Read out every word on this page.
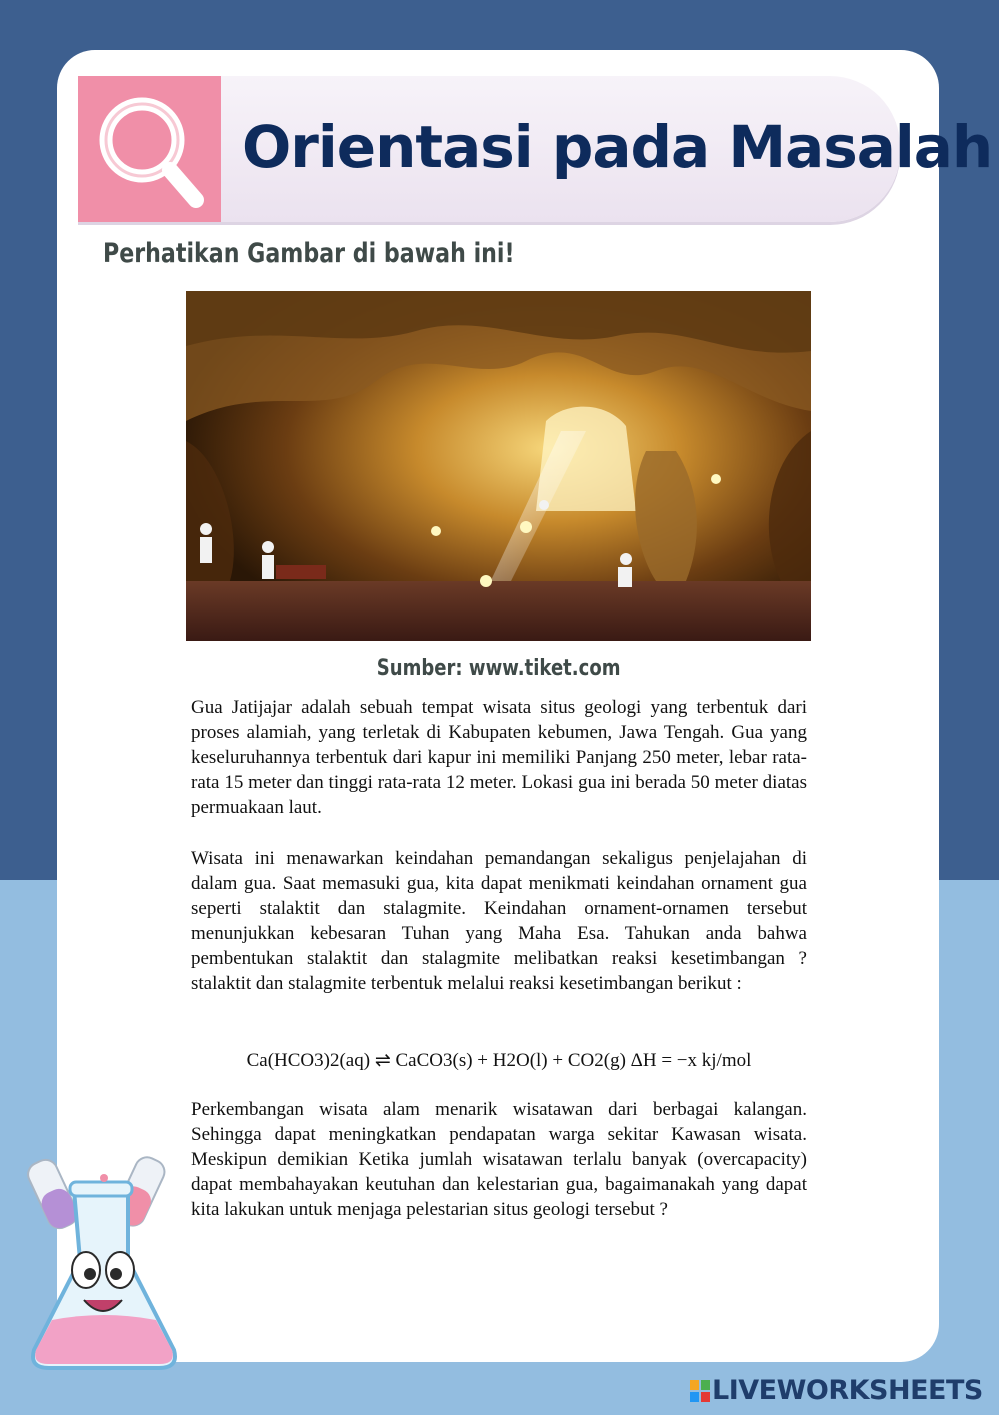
Orientasi pada Masalah
Perhatikan Gambar di bawah ini!
Sumber: www.tiket.com
Gua Jatijajar adalah sebuah tempat wisata situs geologi yang terbentuk dari proses alamiah, yang terletak di Kabupaten kebumen, Jawa Tengah. Gua yang keseluruhannya terbentuk dari kapur ini memiliki Panjang 250 meter, lebar rata-rata 15 meter dan tinggi rata-rata 12 meter. Lokasi gua ini berada 50 meter diatas permuakaan laut.
Wisata ini menawarkan keindahan pemandangan sekaligus penjelajahan di dalam gua. Saat memasuki gua, kita dapat menikmati keindahan ornament gua seperti stalaktit dan stalagmite. Keindahan ornament-ornamen tersebut menunjukkan kebesaran Tuhan yang Maha Esa. Tahukan anda bahwa pembentukan stalaktit dan stalagmite melibatkan reaksi kesetimbangan ? stalaktit dan stalagmite terbentuk melalui reaksi kesetimbangan berikut :
Ca(HCO3)2(aq) ⇌ CaCO3(s) + H2O(l) + CO2(g) ΔH = −x kj/mol
Perkembangan wisata alam menarik wisatawan dari berbagai kalangan. Sehingga dapat meningkatkan pendapatan warga sekitar Kawasan wisata. Meskipun demikian Ketika jumlah wisatawan terlalu banyak (overcapacity) dapat membahayakan keutuhan dan kelestarian gua, bagaimanakah yang dapat kita lakukan untuk menjaga pelestarian situs geologi tersebut ?
LIVEWORKSHEETS
